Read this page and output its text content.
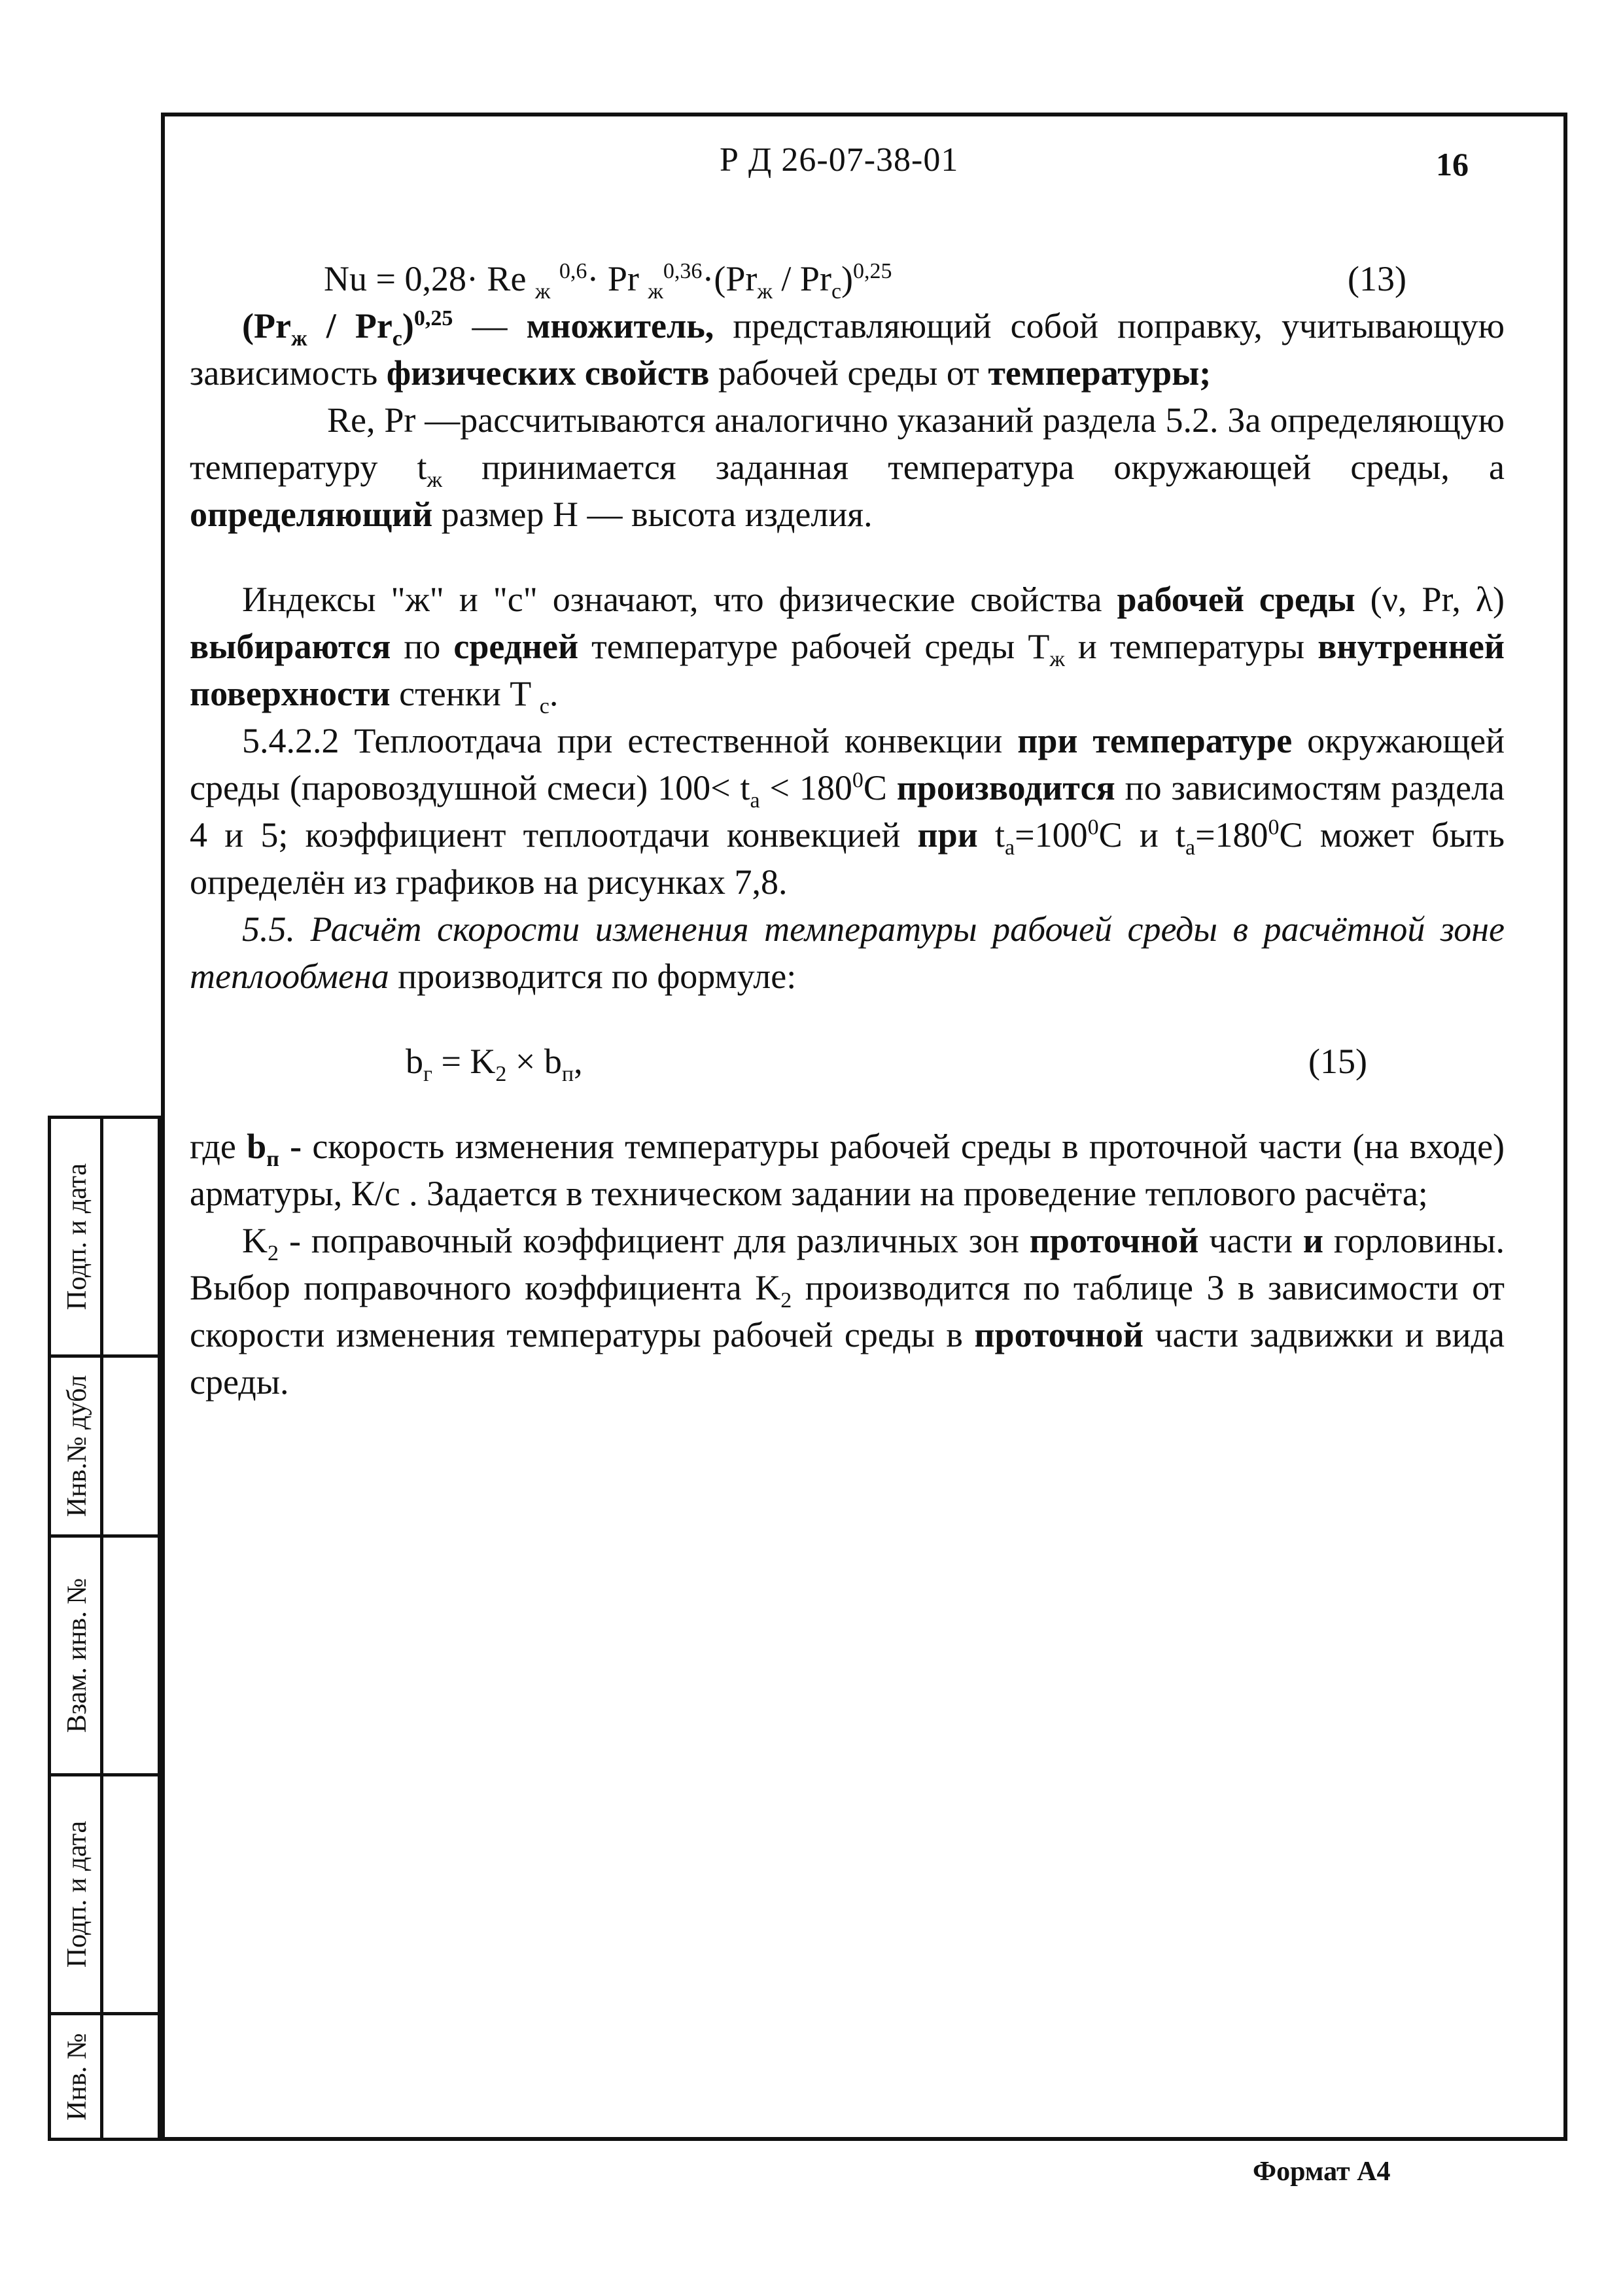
Р Д 26-07-38-01	16
Nu = 0,28· Re $_ж$ $^{0,6}$· Pr $_ж^{0,36}\cdot(Pr_ж / Pr_c)^{0,25}$	(13)

$(Pr_ж / Pr_c)^{0,25}$ — множитель, представляющий собой поправку, учитывающую зависимость физических свойств рабочей среды от температуры;

Re, Pr —рассчитываются аналогично указаний раздела 5.2. За определяющую температуру $t_ж$ принимается заданная температура окружающей среды, а определяющий размер Н — высота изделия.

Индексы "ж" и "с" означают, что физические свойства рабочей среды (ν, Pr, λ) выбираются по средней температуре рабочей среды $T_ж$ и температуры внутренней поверхности стенки T $_c$.

5.4.2.2 Теплоотдача при естественной конвекции при температуре окружающей среды (паровоздушной смеси) $100< t_a < 180^0С$ производится по зависимостям раздела 4 и 5; коэффициент теплоотдачи конвекцией при $t_a=100^0С$ и $t_a=180^0С$ может быть определён из графиков на рисунках 7,8.

5.5. Расчёт скорости изменения температуры рабочей среды в расчётной зоне теплообмена производится по формуле:

$b_г = K_2 \times b_п$,	(15)

где $b_п$ - скорость изменения температуры рабочей среды в проточной части (на входе) арматуры, К/с . Задается в техническом задании на проведение теплового расчёта;

$K_2$ - поправочный коэффициент для различных зон проточной части и горловины. Выбор поправочного коэффициента $K_2$ производится по таблице 3 в зависимости от скорости изменения температуры рабочей среды в проточной части задвижки и вида среды.

Подп. и дата
Инв.№ дубл
Взам. инв. №
Подп. и дата
Инв. №
Формат А4
